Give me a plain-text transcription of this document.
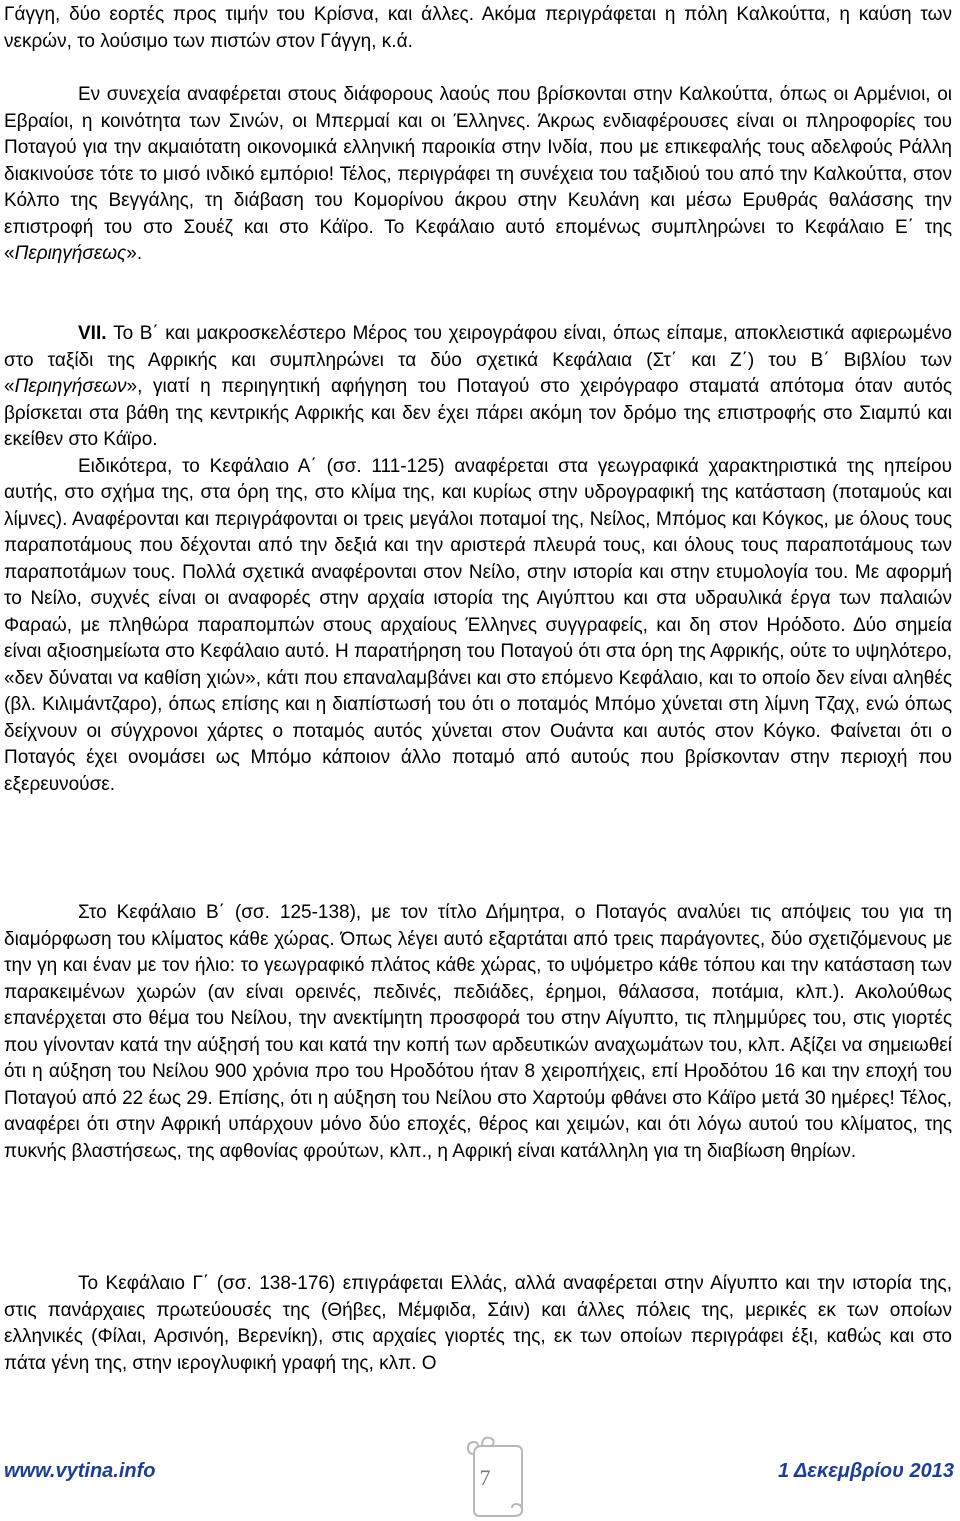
Γάγγη, δύο εορτές προς τιμήν του Κρίσνα, και άλλες. Ακόμα περιγράφεται η πόλη Καλκούττα, η καύση των νεκρών, το λούσιμο των πιστών στον Γάγγη, κ.ά.

Εν συνεχεία αναφέρεται στους διάφορους λαούς που βρίσκονται στην Καλκούττα, όπως οι Αρμένιοι, οι Εβραίοι, η κοινότητα των Σινών, οι Μπερμαί και οι Έλληνες. Άκρως ενδιαφέρουσες είναι οι πληροφορίες του Ποταγού για την ακμαιότατη οικονομικά ελληνική παροικία στην Ινδία, που με επικεφαλής τους αδελφούς Ράλλη διακινούσε τότε το μισό ινδικό εμπόριο! Τέλος, περιγράφει τη συνέχεια του ταξιδιού του από την Καλκούττα, στον Κόλπο της Βεγγάλης, τη διάβαση του Κομορίνου άκρου στην Κευλάνη και μέσω Ερυθράς θαλάσσης την επιστροφή του στο Σουέζ και στο Κάϊρο. Το Κεφάλαιο αυτό επομένως συμπληρώνει το Κεφάλαιο Ε΄ της «Περιηγήσεως».

VII. Το Β΄ και μακροσκελέστερο Μέρος του χειρογράφου είναι, όπως είπαμε, αποκλειστικά αφιερωμένο στο ταξίδι της Αφρικής και συμπληρώνει τα δύο σχετικά Κεφάλαια (Στ΄ και Ζ΄) του Β΄ Βιβλίου των «Περιηγήσεων», γιατί η περιηγητική αφήγηση του Ποταγού στο χειρόγραφο σταματά απότομα όταν αυτός βρίσκεται στα βάθη της κεντρικής Αφρικής και δεν έχει πάρει ακόμη τον δρόμο της επιστροφής στο Σιαμπύ και εκείθεν στο Κάϊρο.

Ειδικότερα, το Κεφάλαιο Α΄ (σσ. 111-125) αναφέρεται στα γεωγραφικά χαρακτηριστικά της ηπείρου αυτής, στο σχήμα της, στα όρη της, στο κλίμα της, και κυρίως στην υδρογραφική της κατάσταση (ποταμούς και λίμνες). Αναφέρονται και περιγράφονται οι τρεις μεγάλοι ποταμοί της, Νείλος, Μπόμος και Κόγκος, με όλους τους παραποτάμους που δέχονται από την δεξιά και την αριστερά πλευρά τους, και όλους τους παραποτάμους των παραποτάμων τους. Πολλά σχετικά αναφέρονται στον Νείλο, στην ιστορία και στην ετυμολογία του. Με αφορμή το Νείλο, συχνές είναι οι αναφορές στην αρχαία ιστορία της Αιγύπτου και στα υδραυλικά έργα των παλαιών Φαραώ, με πληθώρα παραπομπών στους αρχαίους Έλληνες συγγραφείς, και δη στον Ηρόδοτο. Δύο σημεία είναι αξιοσημείωτα στο Κεφάλαιο αυτό. Η παρατήρηση του Ποταγού ότι στα όρη της Αφρικής, ούτε το υψηλότερο, «δεν δύναται να καθίση χιών», κάτι που επαναλαμβάνει και στο επόμενο Κεφάλαιο, και το οποίο δεν είναι αληθές (βλ. Κιλιμάντζαρο), όπως επίσης και η διαπίστωσή του ότι ο ποταμός Μπόμο χύνεται στη λίμνη Τζαχ, ενώ όπως δείχνουν οι σύγχρονοι χάρτες ο ποταμός αυτός χύνεται στον Ουάντα και αυτός στον Κόγκο. Φαίνεται ότι ο Ποταγός έχει ονομάσει ως Μπόμο κάποιον άλλο ποταμό από αυτούς που βρίσκονταν στην περιοχή που εξερευνούσε.

Στο Κεφάλαιο Β΄ (σσ. 125-138), με τον τίτλο Δήμητρα, ο Ποταγός αναλύει τις απόψεις του για τη διαμόρφωση του κλίματος κάθε χώρας. Όπως λέγει αυτό εξαρτάται από τρεις παράγοντες, δύο σχετιζόμενους με την γη και έναν με τον ήλιο: το γεωγραφικό πλάτος κάθε χώρας, το υψόμετρο κάθε τόπου και την κατάσταση των παρακειμένων χωρών (αν είναι ορεινές, πεδινές, πεδιάδες, έρημοι, θάλασσα, ποτάμια, κλπ.). Ακολούθως επανέρχεται στο θέμα του Νείλου, την ανεκτίμητη προσφορά του στην Αίγυπτο, τις πλημμύρες του, στις γιορτές που γίνονταν κατά την αύξησή του και κατά την κοπή των αρδευτικών αναχωμάτων του, κλπ. Αξίζει να σημειωθεί ότι η αύξηση του Νείλου 900 χρόνια προ του Ηροδότου ήταν 8 χειροπήχεις, επί Ηροδότου 16 και την εποχή του Ποταγού από 22 έως 29. Επίσης, ότι η αύξηση του Νείλου στο Χαρτούμ φθάνει στο Κάϊρο μετά 30 ημέρες! Τέλος, αναφέρει ότι στην Αφρική υπάρχουν μόνο δύο εποχές, θέρος και χειμών, και ότι λόγω αυτού του κλίματος, της πυκνής βλαστήσεως, της αφθονίας φρούτων, κλπ., η Αφρική είναι κατάλληλη για τη διαβίωση θηρίων.

Το Κεφάλαιο Γ΄ (σσ. 138-176) επιγράφεται Ελλάς, αλλά αναφέρεται στην Αίγυπτο και την ιστορία της, στις πανάρχαιες πρωτεύουσές της (Θήβες, Μέμφιδα, Σάιν) και άλλες πόλεις της, μερικές εκ των οποίων ελληνικές (Φίλαι, Αρσινόη, Βερενίκη), στις αρχαίες γιορτές της, εκ των οποίων περιγράφει έξι, καθώς και στο πάτα γένη της, στην ιερογλυφική γραφή της, κλπ. Ο

www.vytina.info	7	1 Δεκεμβρίου 2013
